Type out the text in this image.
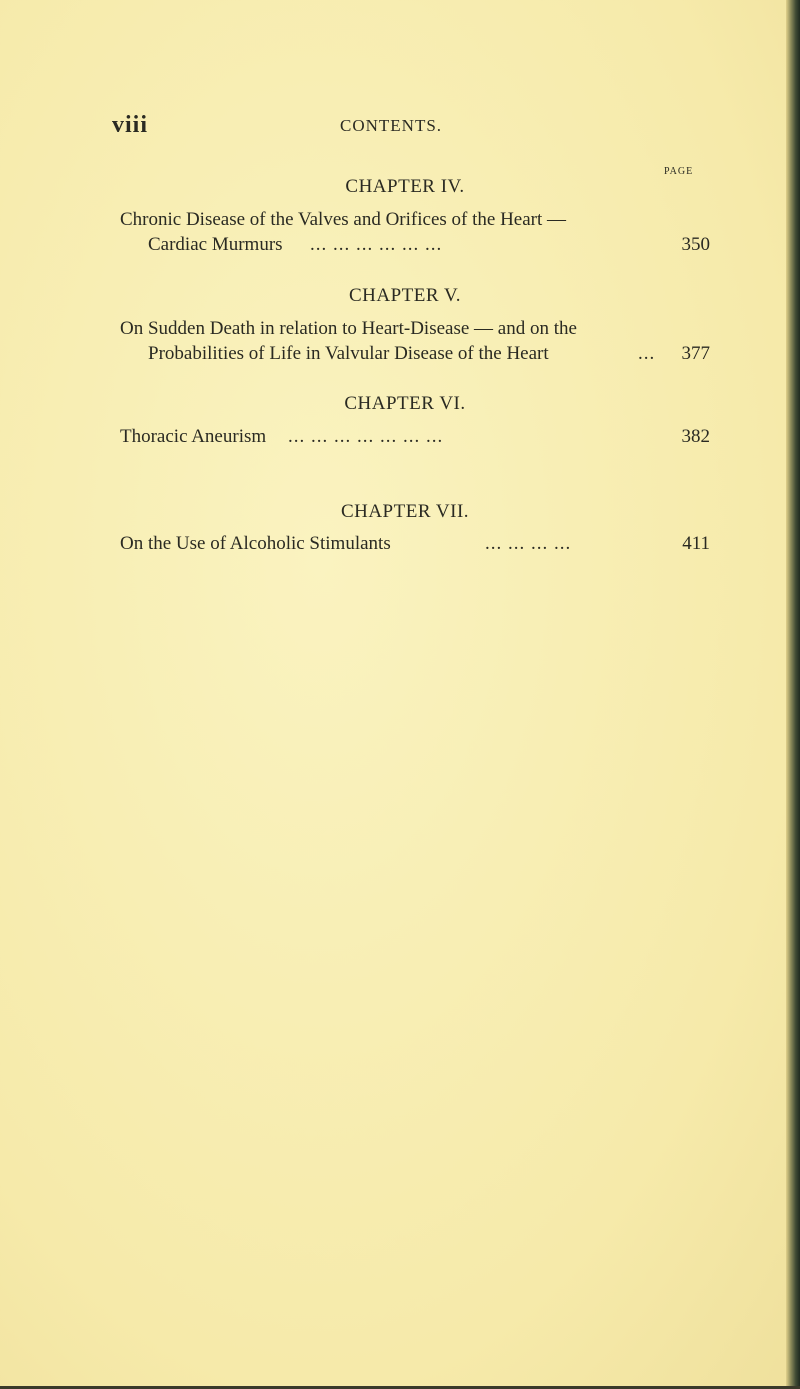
viii	CONTENTS.
PAGE
CHAPTER IV.
Chronic Disease of the Valves and Orifices of the Heart —
Cardiac Murmurs ... ... ... ... ... ...	350
CHAPTER V.
On Sudden Death in relation to Heart-Disease — and on the
Probabilities of Life in Valvular Disease of the Heart	... 377
CHAPTER VI.
Thoracic Aneurism ... ... ... ... ... ... ...	382
CHAPTER VII.
On the Use of Alcoholic Stimulants	... ... ... ...	411
